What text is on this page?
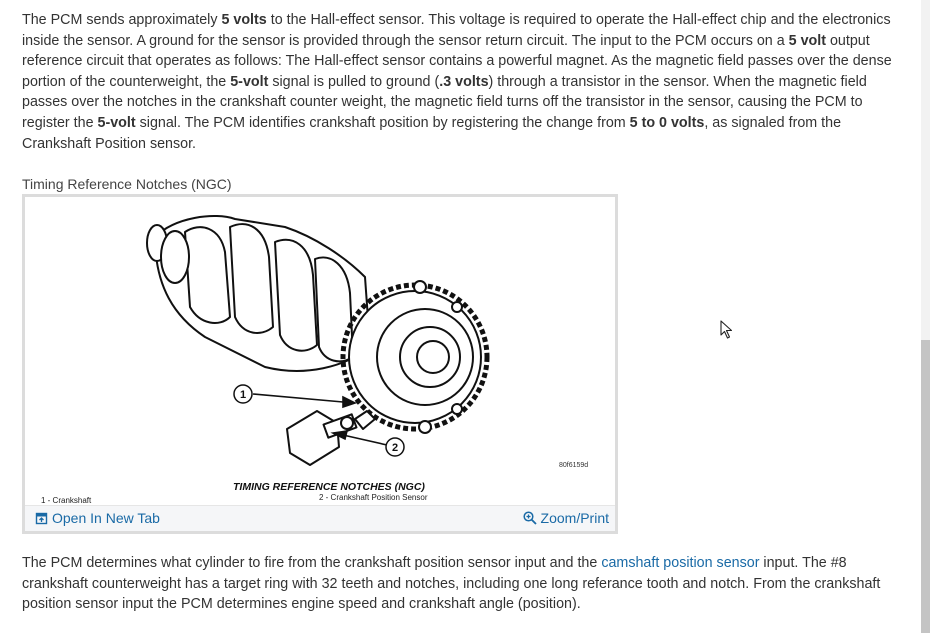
The PCM sends approximately 5 volts to the Hall-effect sensor. This voltage is required to operate the Hall-effect chip and the electronics inside the sensor. A ground for the sensor is provided through the sensor return circuit. The input to the PCM occurs on a 5 volt output reference circuit that operates as follows: The Hall-effect sensor contains a powerful magnet. As the magnetic field passes over the dense portion of the counterweight, the 5-volt signal is pulled to ground (.3 volts) through a transistor in the sensor. When the magnetic field passes over the notches in the crankshaft counter weight, the magnetic field turns off the transistor in the sensor, causing the PCM to register the 5-volt signal. The PCM identifies crankshaft position by registering the change from 5 to 0 volts, as signaled from the Crankshaft Position sensor.

Timing Reference Notches (NGC)
1
2
80f6159d
TIMING REFERENCE NOTCHES (NGC)
1 - Crankshaft	2 - Crankshaft Position Sensor
Open In New Tab	Zoom/Print

The PCM determines what cylinder to fire from the crankshaft position sensor input and the camshaft position sensor input. The #8 crankshaft counterweight has a target ring with 32 teeth and notches, including one long referance tooth and notch. From the crankshaft position sensor input the PCM determines engine speed and crankshaft angle (position).
